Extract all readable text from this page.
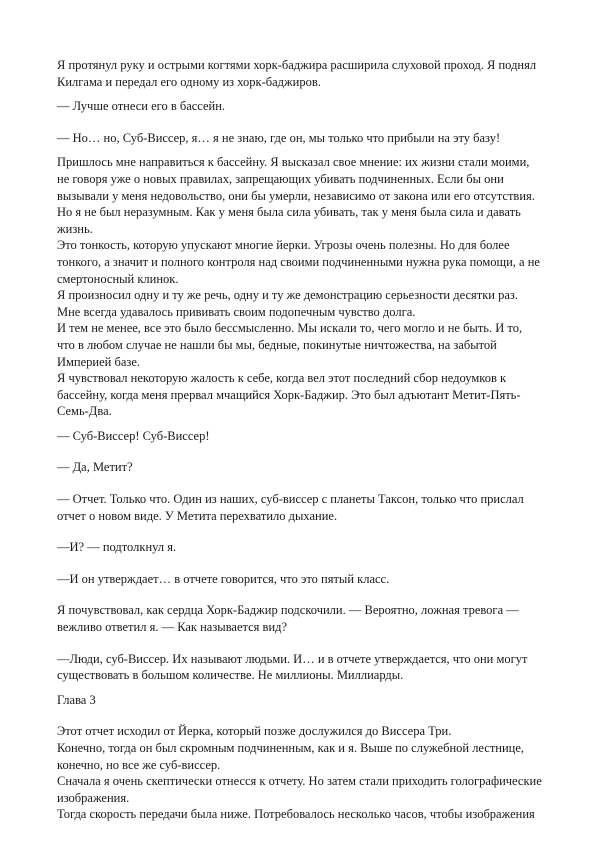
Я протянул руку и острыми когтями хорк-баджира расширила слуховой проход. Я поднял Килгама и передал его одному из хорк-баджиров.

— Лучше отнеси его в бассейн.

— Но… но, Суб-Виссер, я… я не знаю, где он, мы только что прибыли на эту базу!

Пришлось мне направиться к бассейну. Я высказал свое мнение: их жизни стали моими, не говоря уже о новых правилах, запрещающих убивать подчиненных. Если бы они вызывали у меня недовольство, они бы умерли, независимо от закона или его отсутствия.

Но я не был неразумным. Как у меня была сила убивать, так у меня была сила и давать жизнь.

Это тонкость, которую упускают многие йерки. Угрозы очень полезны. Но для более тонкого, а значит и полного контроля над своими подчиненными нужна рука помощи, а не смертоносный клинок.

Я произносил одну и ту же речь, одну и ту же демонстрацию серьезности десятки раз. Мне всегда удавалось прививать своим подопечным чувство долга.

И тем не менее, все это было бессмысленно. Мы искали то, чего могло и не быть. И то, что в любом случае не нашли бы мы, бедные, покинутые ничтожества, на забытой Империей базе.

Я чувствовал некоторую жалость к себе, когда вел этот последний сбор недоумков к бассейну, когда меня прервал мчащийся Хорк-Баджир. Это был адъютант Метит-Пять-Семь-Два.

— Суб-Виссер! Суб-Виссер!

— Да, Метит?

— Отчет. Только что. Один из наших, суб-виссер с планеты Таксон, только что прислал отчет о новом виде. У Метита перехватило дыхание.

—И? — подтолкнул я.

—И он утверждает… в отчете говорится, что это пятый класс.

Я почувствовал, как сердца Хорк-Баджир подскочили. — Вероятно, ложная тревога — вежливо ответил я. — Как называется вид?

—Люди, суб-Виссер. Их называют людьми. И… и в отчете утверждается, что они могут существовать в большом количестве. Не миллионы. Миллиарды.

Глава 3

Этот отчет исходил от Йерка, который позже дослужился до Виссера Три.

Конечно, тогда он был скромным подчиненным, как и я. Выше по служебной лестнице, конечно, но все же суб-виссер.

Сначала я очень скептически отнесся к отчету. Но затем стали приходить голографические изображения.

Тогда скорость передачи была ниже. Потребовалось несколько часов, чтобы изображения
